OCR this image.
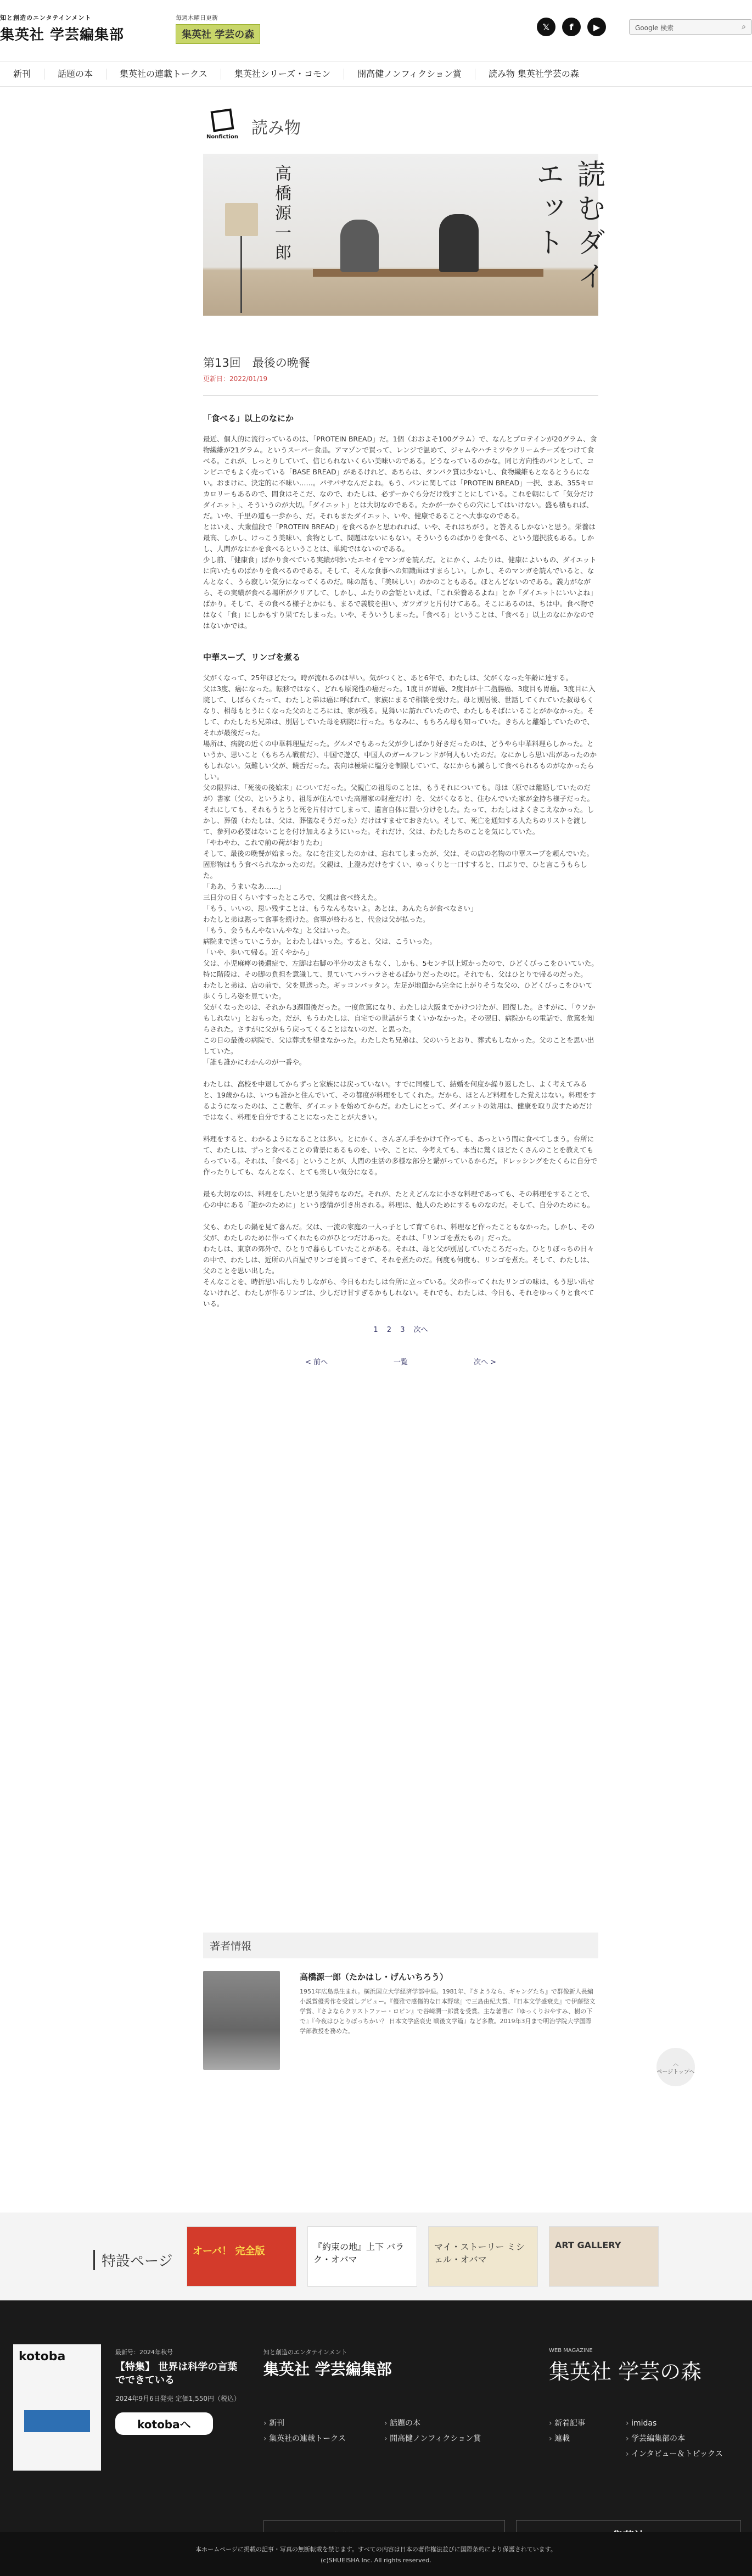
知と創造のエンタテインメント
集英社 学芸編集部
毎週木曜日更新
集英社 学芸の森
𝕏	f	▶	Google 検索	⌕
新刊	話題の本	集英社の連載トークス	集英社シリーズ・コモン	開高健ノンフィクション賞	読み物 集英社学芸の森
Nonfiction 読み物
高橋源一郎	読むダイエット
第13回　最後の晩餐
更新日：2022/01/19
「食べる」以上のなにか

最近、個人的に流行っているのは、「PROTEIN BREAD」だ。1個（おおよそ100グラム）で、なんとプロテインが20グラム、食物繊維が21グラム。というスーパー食品。アマゾンで買って、レンジで温めて、ジャムやハチミツやクリームチーズをつけて食べる。これが、しっとりしていて、信じられないくらい美味いのである。どうなっているのかな。同じ方向性のパンとして、コンビニでもよく売っている「BASE BREAD」があるけれど、あちらは、タンパク質は少ないし、食物繊維もとなるとうらにない。おまけに、決定的に不味い……。パサパサなんだよね。もう、パンに関しては「PROTEIN BREAD」一択、まあ、355キロカロリーもあるので、間食はそこだ、なので、わたしは、必ずーかぐら分だけ残すことにしている。これを朝にして「気分だけダイエット」、そういうのが大切。「ダイエット」とは大切なのである。たかが一かぐらの穴にしてはいけない。盛も積もれば、だ。いや、千里の道も一歩から、だ。それもまたダイエット、いや、健康であることへ大事なのである。

とはいえ、大衆値段で「PROTEIN BREAD」を食べるかと思われれば、いや、それはちがう。と答えるしかないと思う。栄養は最高、しかし、けっこう美味い、食物として、問題はないにもない。そういうものばかりを食べる、という選択肢もある。しかし、人間がなにかを食べるということは、単純ではないのである。

少し前、「健康食」ばかり食べている実績が除いたエセイをマンガを読んだ。とにかく、ふたりは、健康によいもの、ダイエットに向いたものばかりを食べるのである。そして、そんな食事への知識面はすまらしい。しかし、そのマンガを読んでいると、なんとなく、うら寂しい気分になってくるのだ。味の話も、「美味しい」のかのこともある。ほとんどないのである。義力がながら、その実績が食べる場所がクリアして、しかし、ふたりの会話といえば、「これ栄養あるよね」とか「ダイエットにいいよね」ばかり。そして、その食べる様子とかにも、まるで義肢を担い、ガツガツと片付けてある。そこにあるのは、ちは中。食べ物ではなく「食」にしかもすり果てたしまった。いや、そういうしまった。「食べる」ということは、「食べる」以上のなにかなのではないかでは。

中華スープ、リンゴを煮る

父がくなって、25年ほどたつ。時が流れるのは早い。気がつくと、あと6年で、わたしは、父がくなった年齢に達する。

父は3度、癌になった。転移ではなく、どれも原発性の癌だった。1度目が胃癌、2度目が十二指腸癌、3度目も胃癌。3度目に入院して、しばらくたって、わたしと弟は癌に呼ばれて、家族にまるで相談を受けた。母と別居後、世話してくれていた叔母もくなり、相母もとうにくなった父のところには、家が残る。見舞いに訪れていたので、わたしもそばにいることがかなかった。そして、わたしたち兄弟は、別居していた母を病院に行った。ちなみに、もちろん母も知っていた。きちんと離婚していたので、それが最後だった。

場所は、病院の近くの中華料理屋だった。グルメでもあった父が少しばかり好きだったのは、どうやら中華料理らしかった。というか、思いこと（もちろん戦前だ）、中国で遊び、中国人のガールフレンドが何人もいたのだ。なにかしら思い出があったのかもしれない。気難しい父が、饒舌だった。表向は極端に塩分を制限していて、なにからも減らして食べられるものがなかったらしい。

父の限界は、「死後の後始末」についてだった。父親亡の祖母のことは、もうそれについても。母は（原では離婚していたのだが）書家（父の、というより、祖母が住んでいた高層家の財産だけ）を、父がくなると、住むんでいた家が金持ち様子だった。それにしても、それもうとうと死を片付けてしまって、遺言自体に置い分けをした。たって、わたしはよくきこえなかった。しかし、葬儀（わたしは、父は、葬儀なそうだった）だけはすませておきたい。そして、死亡を通知する人たちのリストを渡して、参列の必要はないことを付け加えるようにいった。それだけ、父は、わたしたちのことを気にしていた。

「やわやわ、これで前の荷がおりたわ」

そして、最後の晩餐が始まった。なにを注文したのかは、忘れてしまったが、父は、その店の名物の中華スープを頼んでいた。固形物はもう食べられなかったのだ。父親は、上澄みだけをすくい、ゆっくりと一口すすると、口ぶりで、ひと言こうもらした。

「ああ、うまいなあ……」

三日分の日くらいすすったところで、父親は食べ終えた。

「もう、いいの、思い残すことは、もうなんもないよ。あとは、あんたらが食べなさい」

わたしと弟は黙って食事を続けた。食事が終わると、代金は父が払った。

「もう、会うもんやないんやな」と父はいった。

病院まで送っていこうか。とわたしはいった。すると、父は、こういった。

「いや、歩いて帰る。近くやから」

父は、小児麻痺の後遺症で、左脚は右脚の半分の太さもなく、しかも、5センチ以上短かったので、ひどくびっこをひいていた。特に階段は、その脚の負担を意識して、見ていてハラハラさせるばかりだったのに。それでも、父はひとりで帰るのだった。

わたしと弟は、店の前で、父を見送った。ギッコンバッタン。左足が地面から完全に上がりそうな父の、ひどくびっこをひいて歩くうしろ姿を見ていた。

父がくなったのは、それから3週間後だった。一度危篤になり、わたしは大阪までかけつけたが、回復した。さすがに、「ウソかもしれない」とおもった。だが、もうわたしは、自宅での世話がうまくいかなかった。その翌日、病院からの電話で、危篤を知らされた。さすがに父がもう戻ってくることはないのだ、と思った。

この日の最後の病院で、父は葬式を望まなかった。わたしたち兄弟は、父のいうとおり、葬式もしなかった。父のことを思い出していた。

「誰も誰かにわかんのが一番や。

わたしは、高校を中退してからずっと家族には戻っていない。すでに同棲して、結婚を何度か繰り返したし、よく考えてみると、19歳からは、いつも誰かと住んでいて、その都度が料理をしてくれた。だから、ほとんど料理をした覚えはない。料理をするようになったのは、ここ数年、ダイエットを始めてからだ。わたしにとって、ダイエットの効用は、健康を取り戻すためだけではなく、料理を自分ですることになったことが大きい。

料理をすると、わかるようになることは多い。とにかく、さんざん手をかけて作っても、あっという間に食べてしまう。台所にて、わたしは、ずっと食べることの背景にあるものを、いや、ことに、今考えても、本当に驚くほどたくさんのことを教えてもらっている。それは、「食べる」ということが、人間の生活の多様な部分と繋がっているからだ。ドレッシングをたくらに自分で作ったりしても、なんとなく、とても楽しい気分になる。

最も大切なのは、料理をしたいと思う気持ちなのだ。それが、たとえどんなに小さな料理であっても、その料理をすることで、心の中にある「誰かのために」という感情が引き出される。料理は、他人のためにするものなのだ。そして、自分のためにも。

父も、わたしの鍋を見て喜んだ。父は、一流の家庭の一人っ子として育てられ、料理など作ったこともなかった。しかし、その父が、わたしのために作ってくれたものがひとつだけあった。それは、「リンゴを煮たもの」だった。

わたしは、東京の郊外で、ひとりで暮らしていたことがある。それは、母と父が別居していたころだった。ひとりぼっちの日々の中で、わたしは、近所の八百屋でリンゴを買ってきて、それを煮たのだ。何度も何度も、リンゴを煮た。そして、わたしは、父のことを思い出した。

そんなことを、時折思い出したりしながら、今日もわたしは台所に立っている。父の作ってくれたリンゴの味は、もう思い出せないけれど、わたしが作るリンゴは、少しだけ甘すぎるかもしれない。それでも、わたしは、今日も、それをゆっくりと食べている。

1 2 3 次へ
< 前へ	一覧	次へ >
著者情報
高橋源一郎（たかはし・げんいちろう）
1951年広島県生まれ。横浜国立大学経済学部中退。1981年、『さようなら、ギャングたち』で群像新人長編小説賞優秀作を受賞しデビュー。『優雅で感傷的な日本野球』で三島由紀夫賞、『日本文学盛衰史』で伊藤整文学賞、『さよならクリストファー・ロビン』で谷崎潤一郎賞を受賞。主な著書に『ゆっくりおやすみ、樹の下で』『今夜はひとりぼっちかい？ 日本文学盛衰史 戦後文学篇』など多数。2019年3月まで明治学院大学国際学部教授を務めた。
︿
ページトップへ
特設ページ
オーバ！ 完全版	『約束の地』上下 バラク・オバマ
マイ・ストーリー ミシェル・オバマ
ART GALLERY
kotoba	最新号：2024年秋号
【特集】 世界は科学の言葉でできている
2024年9月6日発売 定価1,550円（税込）
kotobaへ
知と創造のエンタテインメント
集英社 学芸編集部
WEB MAGAZINE
集英社 学芸の森
› 新刊
› 集英社の連載トークス
› 話題の本
› 開高健ノンフィクション賞
› 新着記事
› 連載
› imidas
› 学芸編集部の本
› インタビュー＆トピックス
本ホームページに掲載の記事・写真の無断転載を禁じます。すべての内容は日本の著作権法並びに国際条約により保護されています。
(c)SHUEISHA Inc. All rights reserved.
